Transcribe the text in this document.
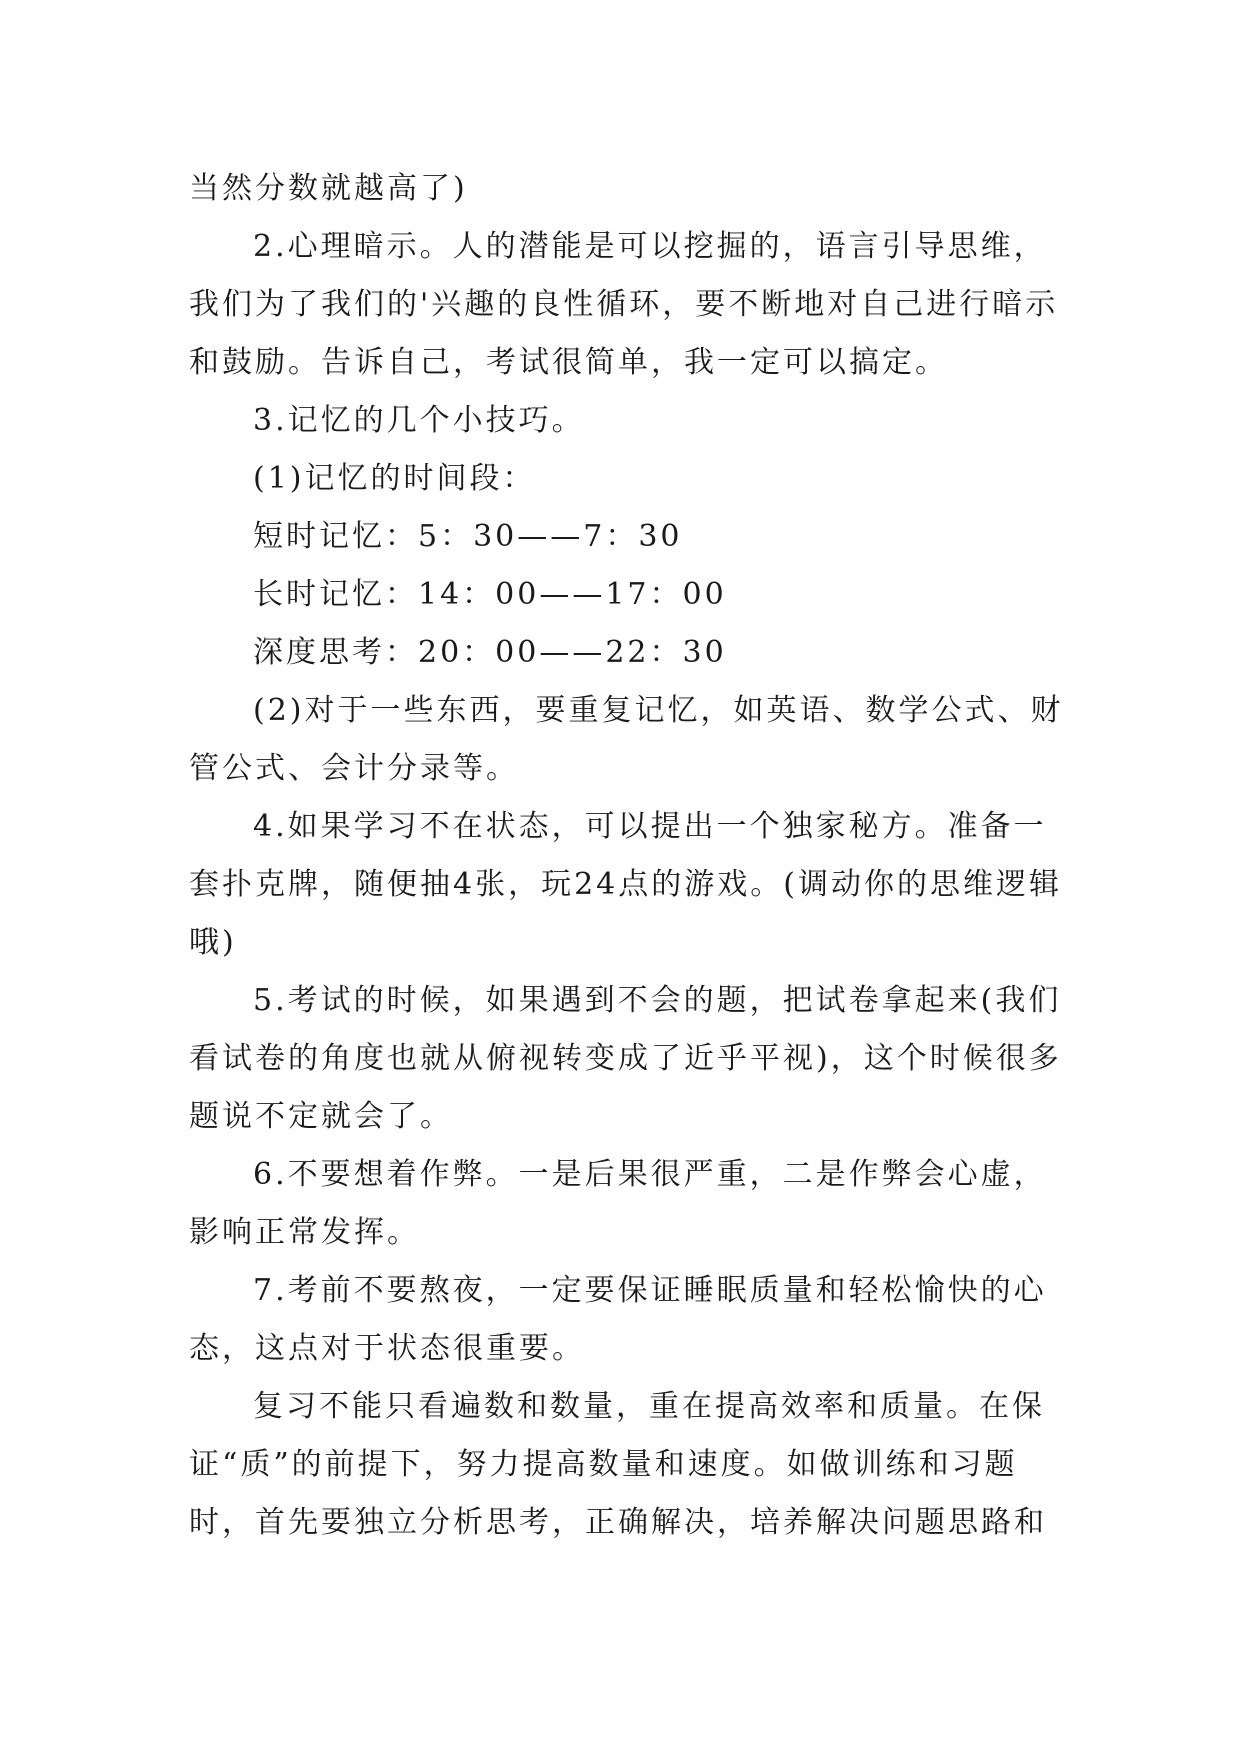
当然分数就越高了)

2.心理暗示。人的潜能是可以挖掘的，语言引导思维，我们为了我们的'兴趣的良性循环，要不断地对自己进行暗示和鼓励。告诉自己，考试很简单，我一定可以搞定。

3.记忆的几个小技巧。

(1)记忆的时间段：

短时记忆：5：30——7：30

长时记忆：14：00——17：00

深度思考：20：00——22：30

(2)对于一些东西，要重复记忆，如英语、数学公式、财管公式、会计分录等。

4.如果学习不在状态，可以提出一个独家秘方。准备一套扑克牌，随便抽4张，玩24点的游戏。(调动你的思维逻辑哦)

5.考试的时候，如果遇到不会的题，把试卷拿起来(我们看试卷的角度也就从俯视转变成了近乎平视)，这个时候很多题说不定就会了。

6.不要想着作弊。一是后果很严重，二是作弊会心虚，影响正常发挥。

7.考前不要熬夜，一定要保证睡眠质量和轻松愉快的心态，这点对于状态很重要。

复习不能只看遍数和数量，重在提高效率和质量。在保证“质”的前提下，努力提高数量和速度。如做训练和习题时，首先要独立分析思考，正确解决，培养解决问题思路和
